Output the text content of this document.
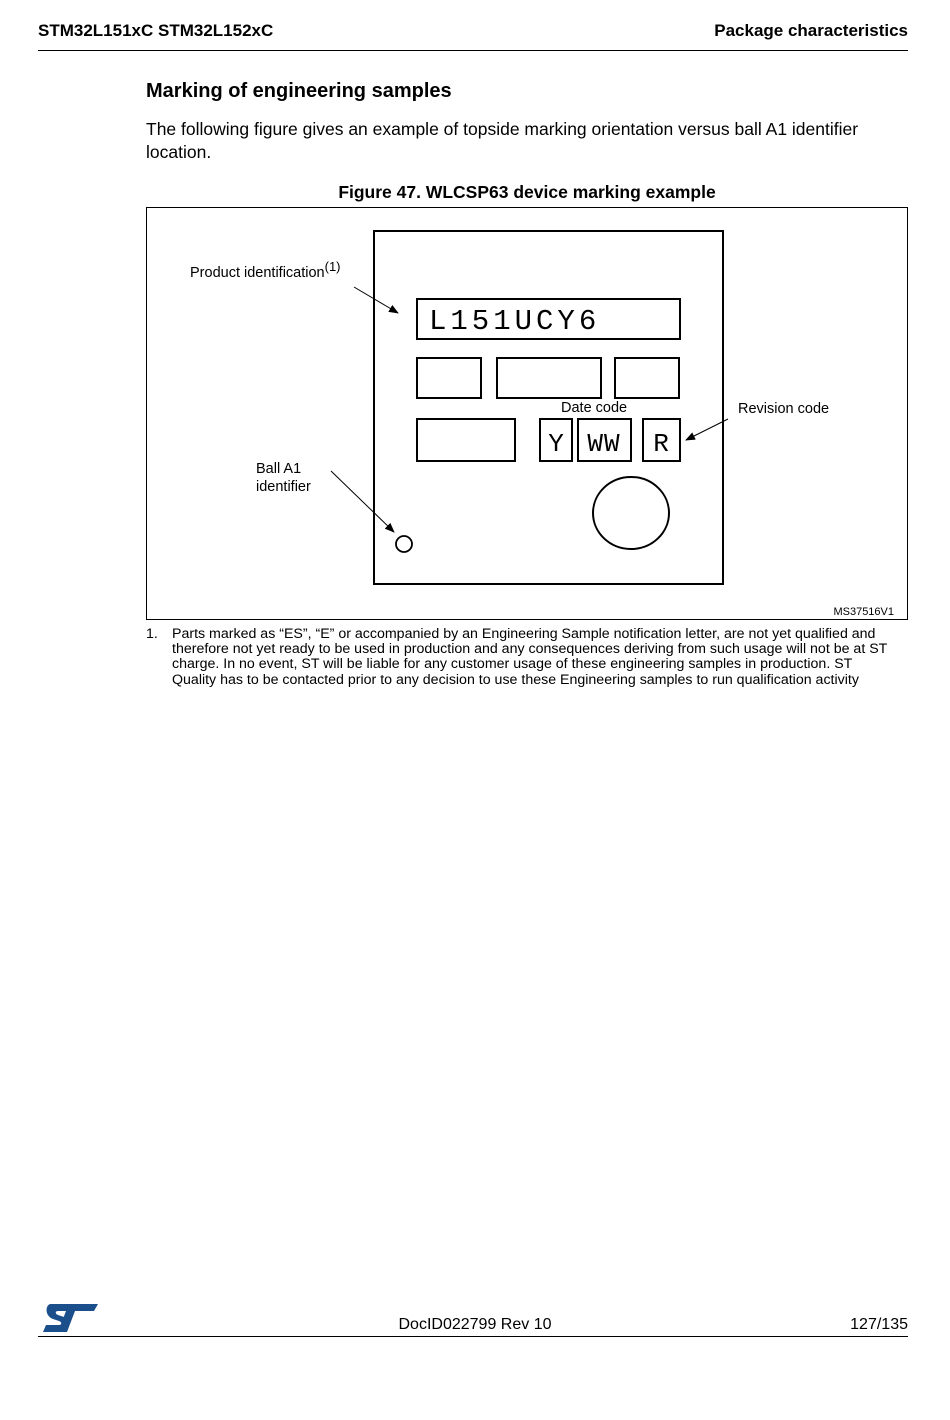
STM32L151xC STM32L152xC	Package characteristics
Marking of engineering samples
The following figure gives an example of topside marking orientation versus ball A1 identifier location.
Figure 47. WLCSP63 device marking example
Product identification(1)
L151UCY6
Date code	Revision code
Y WW R
Ball A1
identifier
MS37516V1
1. Parts marked as “ES”, “E” or accompanied by an Engineering Sample notification letter, are not yet qualified and therefore not yet ready to be used in production and any consequences deriving from such usage will not be at ST charge. In no event, ST will be liable for any customer usage of these engineering samples in production. ST Quality has to be contacted prior to any decision to use these Engineering samples to run qualification activity
DocID022799 Rev 10	127/135
